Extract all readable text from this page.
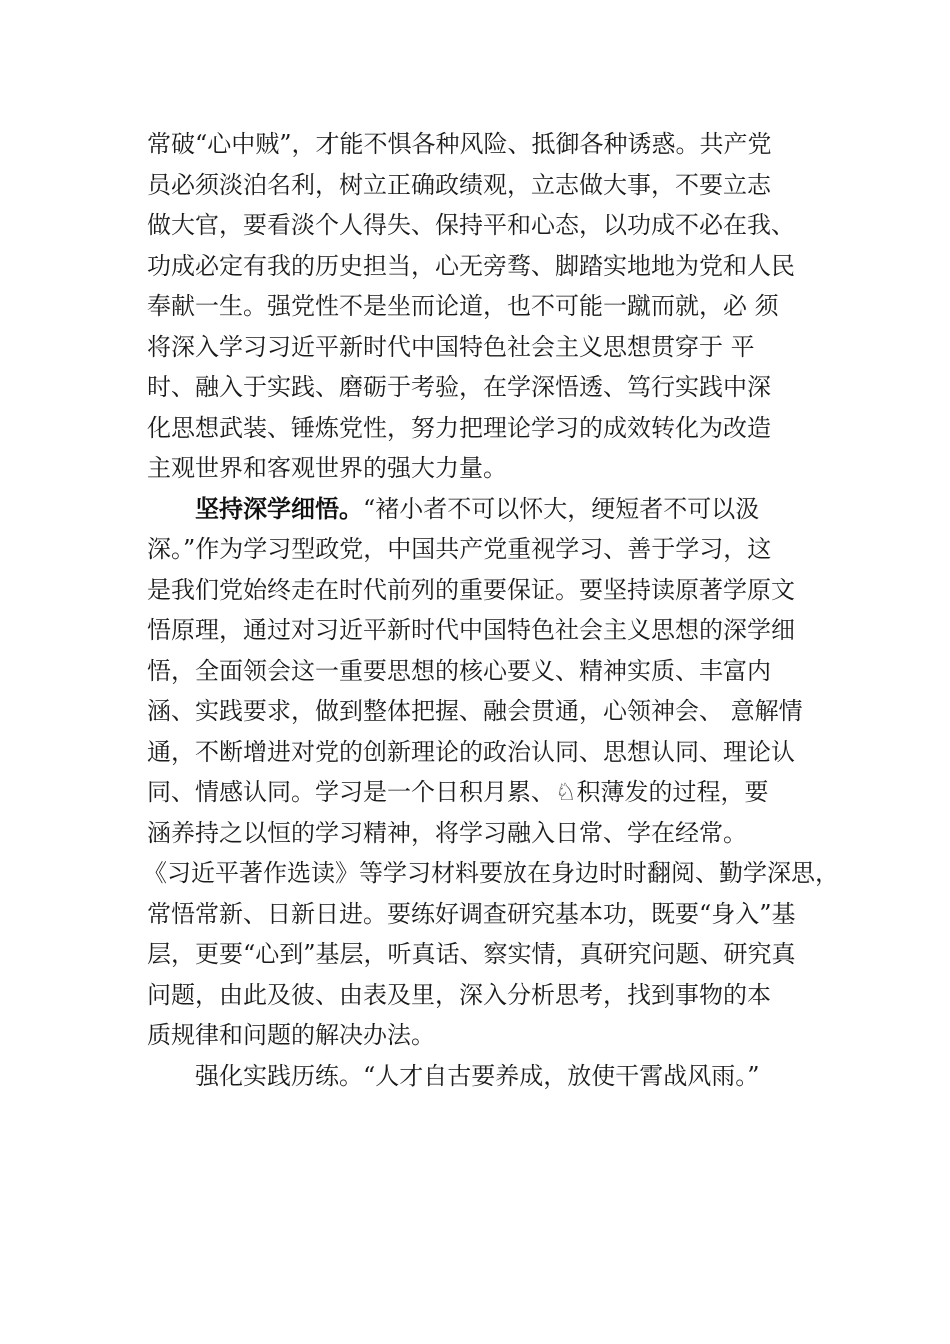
常破“心中贼”，才能不惧各种风险、抵御各种诱惑。共产党
员必须淡泊名利，树立正确政绩观，立志做大事，不要立志
做大官，要看淡个人得失、保持平和心态，以功成不必在我、
功成必定有我的历史担当，心无旁骛、脚踏实地地为党和人民
奉献一生。强党性不是坐而论道，也不可能一蹴而就，必 须
将深入学习习近平新时代中国特色社会主义思想贯穿于 平
时、融入于实践、磨砺于考验，在学深悟透、笃行实践中深
化思想武装、锤炼党性，努力把理论学习的成效转化为改造
主观世界和客观世界的强大力量。
坚持深学细悟。“褚小者不可以怀大，绠短者不可以汲
深。”作为学习型政党，中国共产党重视学习、善于学习，这
是我们党始终走在时代前列的重要保证。要坚持读原著学原文
悟原理，通过对习近平新时代中国特色社会主义思想的深学细
悟，全面领会这一重要思想的核心要义、精神实质、丰富内
涵、实践要求，做到整体把握、融会贯通，心领神会、 意解情
通，不断增进对党的创新理论的政治认同、思想认同、理论认
同、情感认同。学习是一个日积月累、♘积薄发的过程，要
涵养持之以恒的学习精神，将学习融入日常、学在经常。
《习近平著作选读》等学习材料要放在身边时时翻阅、勤学深思，
常悟常新、日新日进。要练好调查研究基本功，既要“身入”基
层，更要“心到”基层，听真话、察实情，真研究问题、研究真
问题，由此及彼、由表及里，深入分析思考，找到事物的本
质规律和问题的解决办法。
强化实践历练。“人才自古要养成，放使干霄战风雨。”
